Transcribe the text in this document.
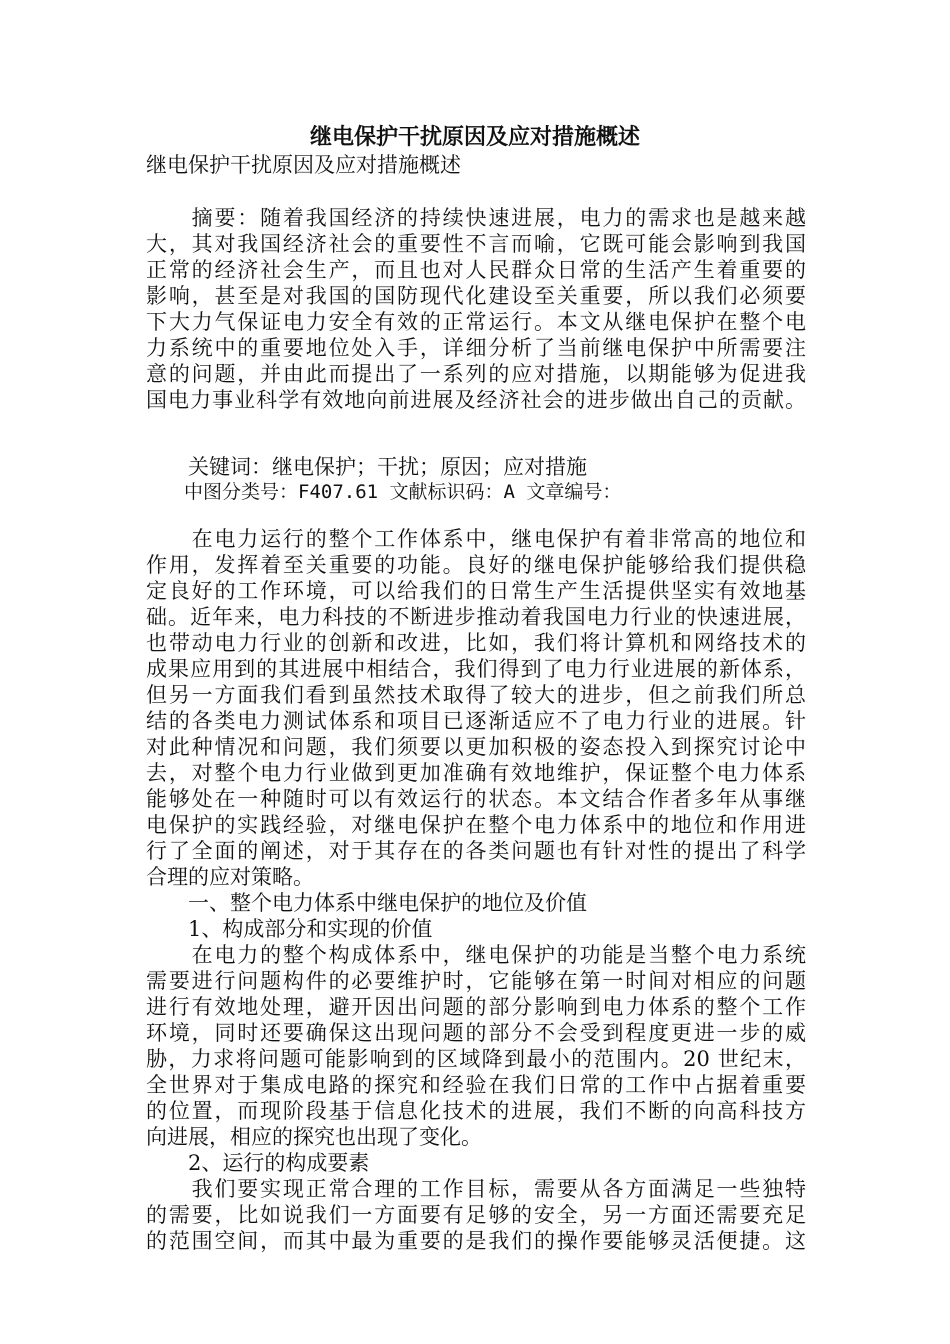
继电保护干扰原因及应对措施概述
继电保护干扰原因及应对措施概述
　　摘要：随着我国经济的持续快速进展，电力的需求也是越来越
大，其对我国经济社会的重要性不言而喻，它既可能会影响到我国
正常的经济社会生产，而且也对人民群众日常的生活产生着重要的
影响，甚至是对我国的国防现代化建设至关重要，所以我们必须要
下大力气保证电力安全有效的正常运行。本文从继电保护在整个电
力系统中的重要地位处入手，详细分析了当前继电保护中所需要注
意的问题，并由此而提出了一系列的应对措施，以期能够为促进我
国电力事业科学有效地向前进展及经济社会的进步做出自己的贡献。
　　关键词：继电保护；干扰；原因；应对措施
　　中图分类号：F407.61 文献标识码：A 文章编号：
　　在电力运行的整个工作体系中，继电保护有着非常高的地位和
作用，发挥着至关重要的功能。良好的继电保护能够给我们提供稳
定良好的工作环境，可以给我们的日常生产生活提供坚实有效地基
础。近年来，电力科技的不断进步推动着我国电力行业的快速进展，
也带动电力行业的创新和改进，比如，我们将计算机和网络技术的
成果应用到的其进展中相结合，我们得到了电力行业进展的新体系，
但另一方面我们看到虽然技术取得了较大的进步，但之前我们所总
结的各类电力测试体系和项目已逐渐适应不了电力行业的进展。针
对此种情况和问题，我们须要以更加积极的姿态投入到探究讨论中
去，对整个电力行业做到更加准确有效地维护，保证整个电力体系
能够处在一种随时可以有效运行的状态。本文结合作者多年从事继
电保护的实践经验，对继电保护在整个电力体系中的地位和作用进
行了全面的阐述，对于其存在的各类问题也有针对性的提出了科学
合理的应对策略。
　　一、整个电力体系中继电保护的地位及价值
　　1、构成部分和实现的价值
　　在电力的整个构成体系中，继电保护的功能是当整个电力系统
需要进行问题构件的必要维护时，它能够在第一时间对相应的问题
进行有效地处理，避开因出问题的部分影响到电力体系的整个工作
环境，同时还要确保这出现问题的部分不会受到程度更进一步的威
胁，力求将问题可能影响到的区域降到最小的范围内。20 世纪末，
全世界对于集成电路的探究和经验在我们日常的工作中占据着重要
的位置，而现阶段基于信息化技术的进展，我们不断的向高科技方
向进展，相应的探究也出现了变化。
　　2、运行的构成要素
　　我们要实现正常合理的工作目标，需要从各方面满足一些独特
的需要，比如说我们一方面要有足够的安全，另一方面还需要充足
的范围空间，而其中最为重要的是我们的操作要能够灵活便捷。这
